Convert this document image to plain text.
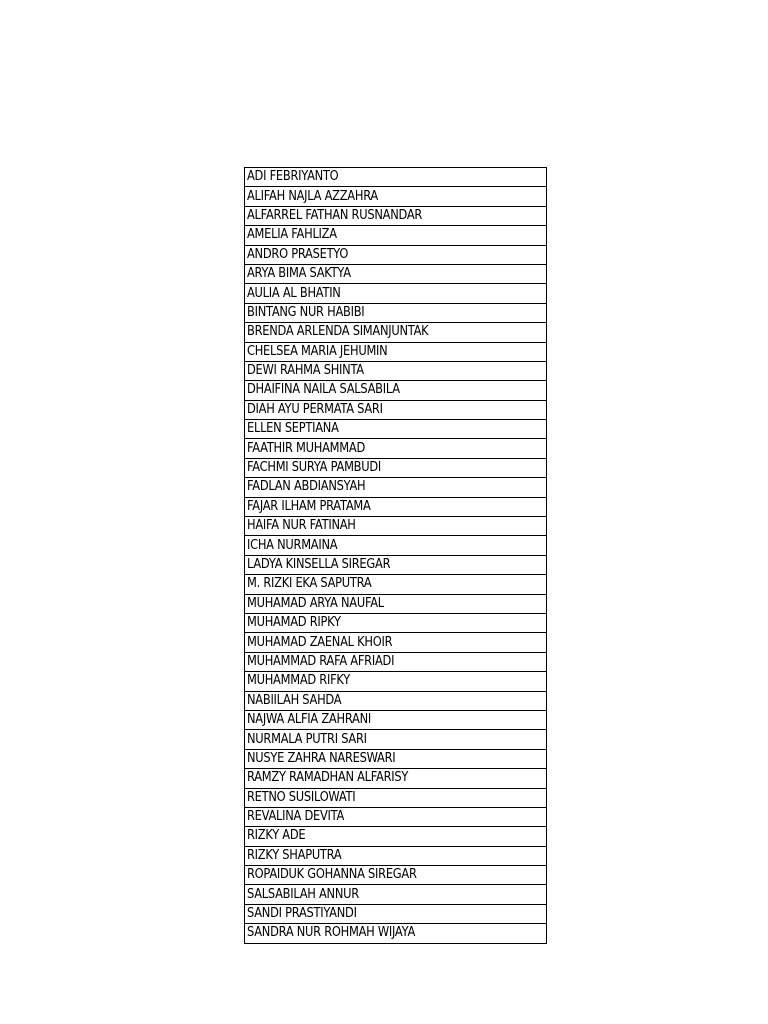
ADI FEBRIYANTO
ALIFAH NAJLA AZZAHRA
ALFARREL FATHAN RUSNANDAR
AMELIA FAHLIZA
ANDRO PRASETYO
ARYA BIMA SAKTYA
AULIA AL BHATIN
BINTANG NUR HABIBI
BRENDA ARLENDA SIMANJUNTAK
CHELSEA MARIA JEHUMIN
DEWI RAHMA SHINTA
DHAIFINA NAILA SALSABILA
DIAH AYU PERMATA SARI
ELLEN SEPTIANA
FAATHIR MUHAMMAD
FACHMI SURYA PAMBUDI
FADLAN ABDIANSYAH
FAJAR ILHAM PRATAMA
HAIFA NUR FATINAH
ICHA NURMAINA
LADYA KINSELLA SIREGAR
M. RIZKI EKA SAPUTRA
MUHAMAD ARYA NAUFAL
MUHAMAD RIPKY
MUHAMAD ZAENAL KHOIR
MUHAMMAD RAFA AFRIADI
MUHAMMAD RIFKY
NABIILAH SAHDA
NAJWA ALFIA ZAHRANI
NURMALA PUTRI SARI
NUSYE ZAHRA NARESWARI
RAMZY RAMADHAN ALFARISY
RETNO SUSILOWATI
REVALINA DEVITA
RIZKY ADE
RIZKY SHAPUTRA
ROPAIDUK GOHANNA SIREGAR
SALSABILAH ANNUR
SANDI PRASTIYANDI
SANDRA NUR ROHMAH WIJAYA
